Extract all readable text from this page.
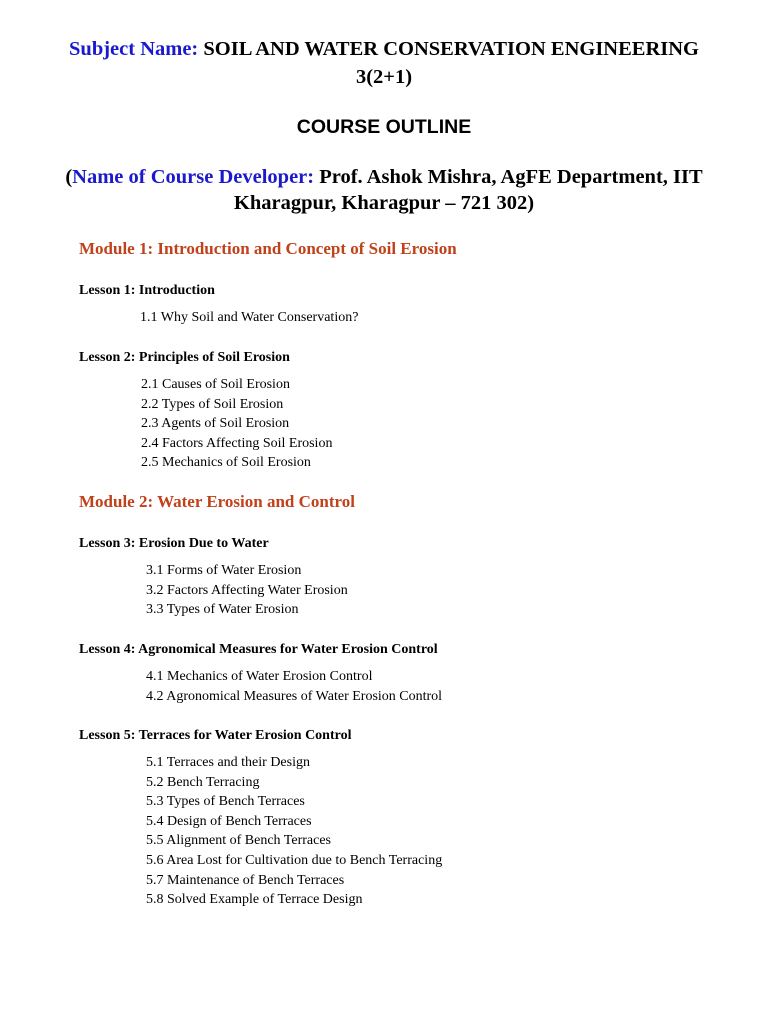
Subject Name: SOIL AND WATER CONSERVATION ENGINEERING
3(2+1)
COURSE OUTLINE
(Name of Course Developer: Prof. Ashok Mishra, AgFE Department, IIT
Kharagpur, Kharagpur – 721 302)
Module 1: Introduction and Concept of Soil Erosion
Lesson 1: Introduction
1.1 Why Soil and Water Conservation?
Lesson 2: Principles of Soil Erosion
2.1 Causes of Soil Erosion
2.2 Types of Soil Erosion
2.3 Agents of Soil Erosion
2.4 Factors Affecting Soil Erosion
2.5 Mechanics of Soil Erosion
Module 2: Water Erosion and Control
Lesson 3: Erosion Due to Water
3.1 Forms of Water Erosion
3.2 Factors Affecting Water Erosion
3.3 Types of Water Erosion
Lesson 4: Agronomical Measures for Water Erosion Control
4.1 Mechanics of Water Erosion Control
4.2 Agronomical Measures of Water Erosion Control
Lesson 5: Terraces for Water Erosion Control
5.1 Terraces and their Design
5.2 Bench Terracing
5.3 Types of Bench Terraces
5.4 Design of Bench Terraces
5.5 Alignment of Bench Terraces
5.6 Area Lost for Cultivation due to Bench Terracing
5.7 Maintenance of Bench Terraces
5.8 Solved Example of Terrace Design
